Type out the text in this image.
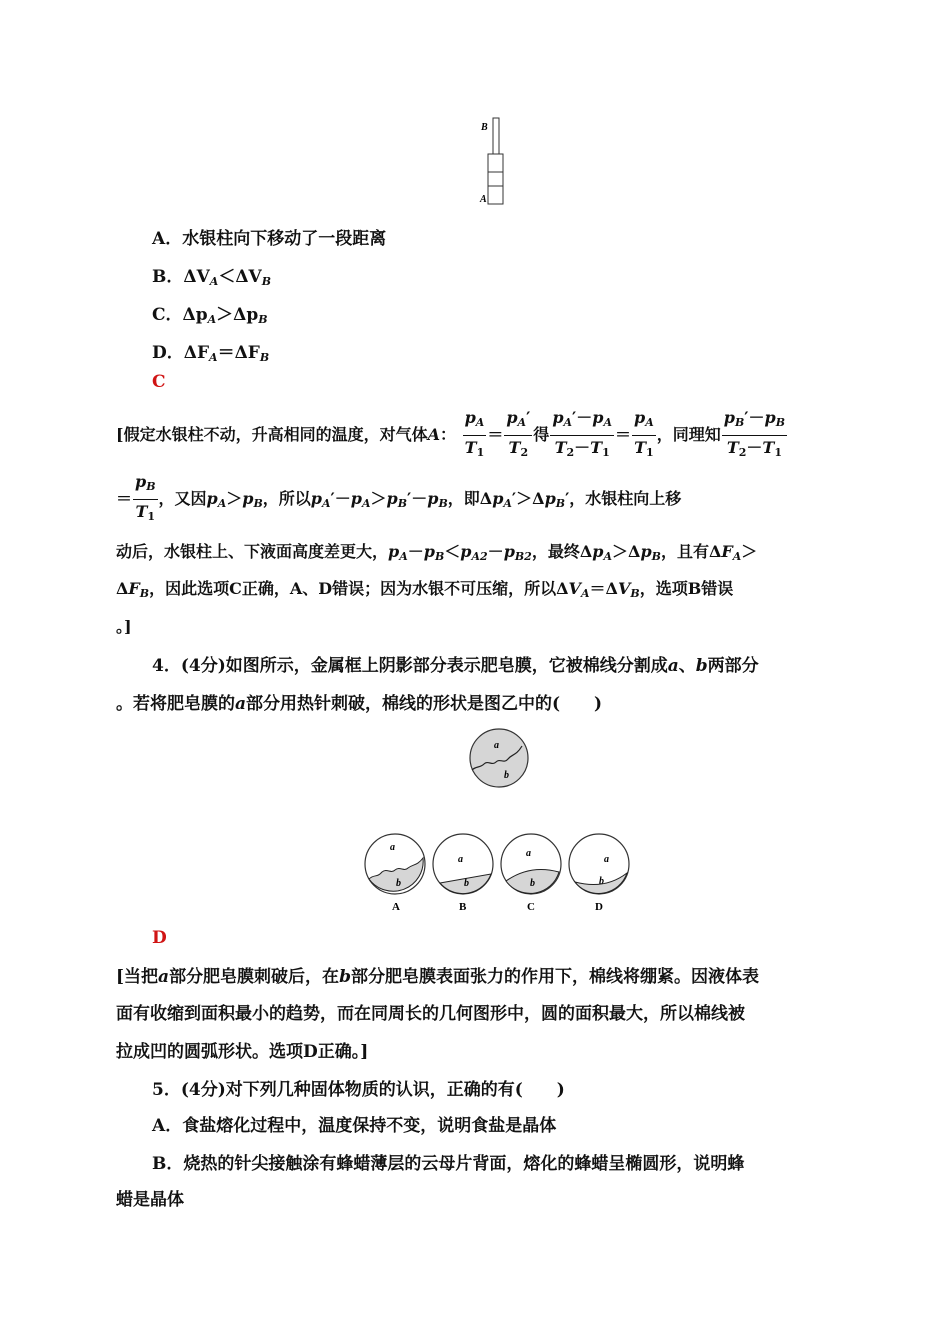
B
A
A．水银柱向下移动了一段距离
B．$\Delta V_A<\Delta V_B$
C．$\Delta p_A>\Delta p_B$
D．$\Delta F_A=\Delta F_B$
C
[假定水银柱不动，升高相同的温度，对气体A： $\frac{p_A}{T_1} = \frac{p_A'}{T_2}$ 得 $\frac{p_A'-p_A}{T_2-T_1} = \frac{p_A}{T_1}$ ，同理知 $\frac{p_B'-p_B}{T_2-T_1}$
＝ $\frac{p_B}{T_1}$ ，又因$p_A>p_B$，所以$p_A'-p_A>p_B'-p_B$，即$\Delta p_A'>\Delta p_B'$，水银柱向上移
动后，水银柱上、下液面高度差更大，$p_A-p_B<p_{A2}-p_{B2}$，最终$\Delta p_A>\Delta p_B$，且有$\Delta F_A>$
$\Delta F_B$，因此选项C正确，A、D错误；因为水银不可压缩，所以$\Delta V_A=\Delta V_B$，选项B错误
。]
4．(4分)如图所示，金属框上阴影部分表示肥皂膜，它被棉线分割成a、b两部分
。若将肥皂膜的a部分用热针刺破，棉线的形状是图乙中的(　　)
a
b
a
b
A
a
b
B
a
b
C
a
b
D
D
[当把a部分肥皂膜刺破后，在b部分肥皂膜表面张力的作用下，棉线将绷紧。因液体表
面有收缩到面积最小的趋势，而在同周长的几何图形中，圆的面积最大，所以棉线被
拉成凹的圆弧形状。选项D正确。]
5．(4分)对下列几种固体物质的认识，正确的有(　　)
A．食盐熔化过程中，温度保持不变，说明食盐是晶体
B．烧热的针尖接触涂有蜂蜡薄层的云母片背面，熔化的蜂蜡呈椭圆形，说明蜂
蜡是晶体
